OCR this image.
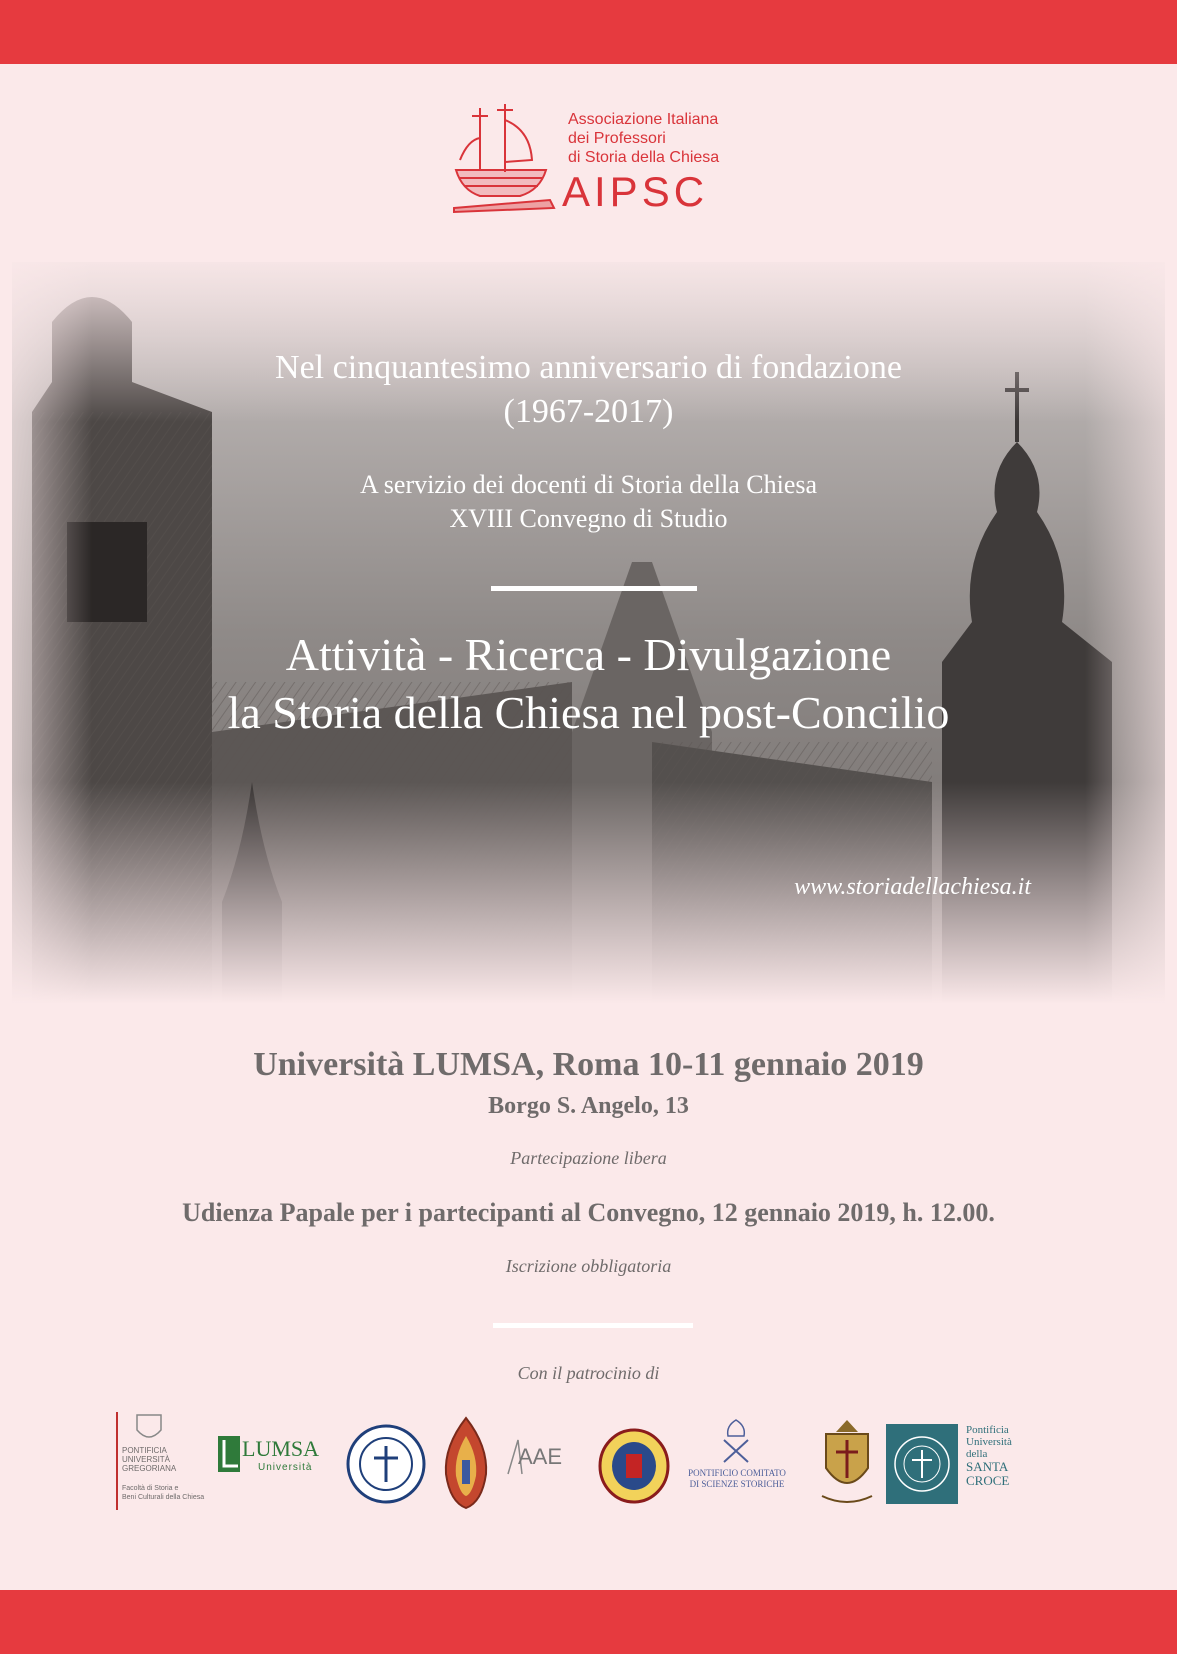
Associazione Italiana
dei Professori
di Storia della Chiesa
AIPSC
Nel cinquantesimo anniversario di fondazione
(1967-2017)
A servizio dei docenti di Storia della Chiesa
XVIII Convegno di Studio
Attività - Ricerca - Divulgazione
la Storia della Chiesa nel post-Concilio
www.storiadellachiesa.it
Università LUMSA, Roma 10-11 gennaio 2019
Borgo S. Angelo, 13
Partecipazione libera
Udienza Papale per i partecipanti al Convegno, 12 gennaio 2019, h. 12.00.
Iscrizione obbligatoria
Con il patrocinio di
PONTIFICIA
UNIVERSITÀ
GREGORIANA
Facoltà di Storia e
Beni Culturali della Chiesa
LUMSA
Università	AAE
PONTIFICIO COMITATO
DI SCIENZE STORICHE
Pontificia
Università
della
SANTA
CROCE
